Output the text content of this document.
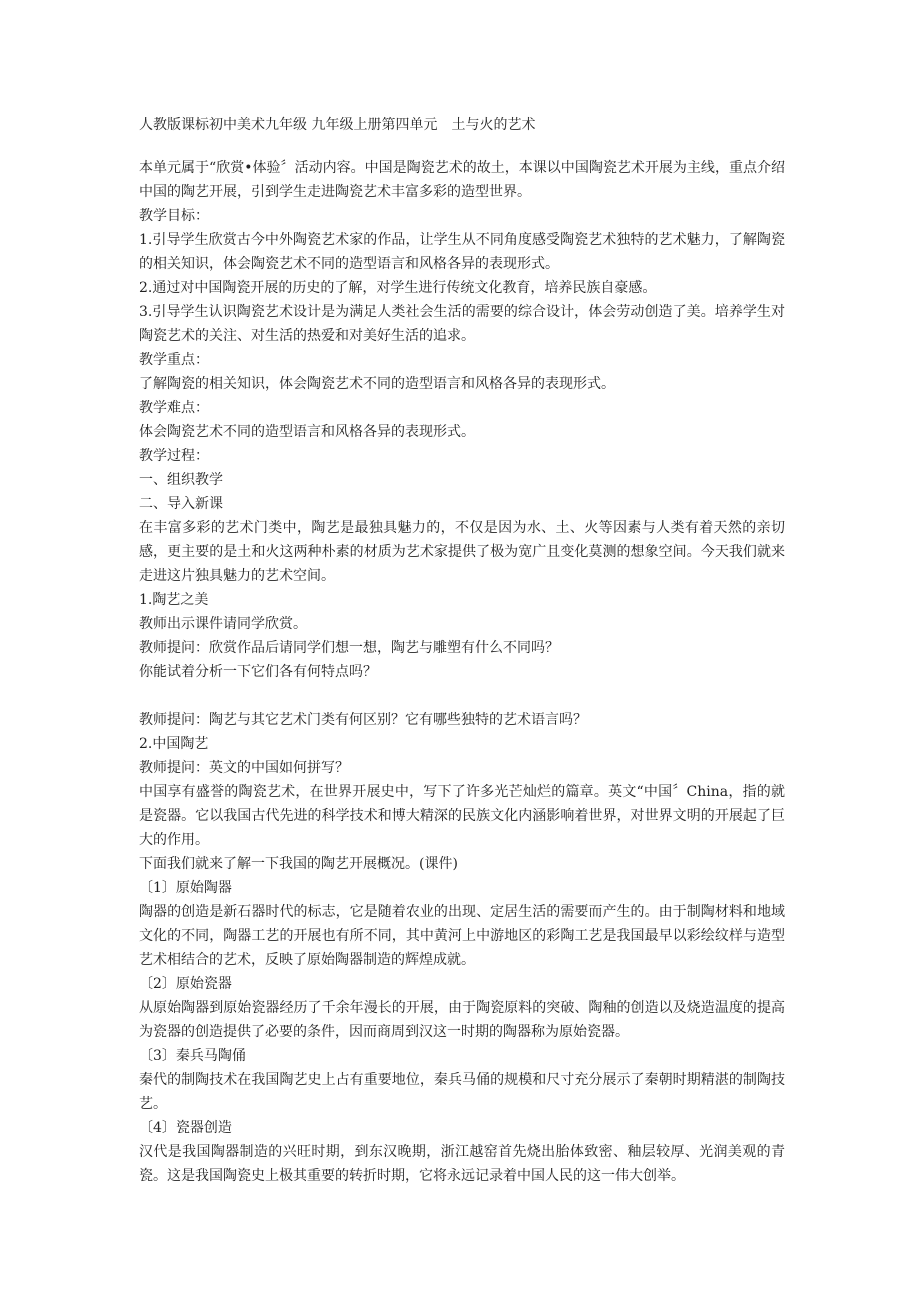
人教版课标初中美术九年级 九年级上册第四单元　土与火的艺术

本单元属于“欣赏•体验〞活动内容。中国是陶瓷艺术的故土，本课以中国陶瓷艺术开展为主线，重点介绍中国的陶艺开展，引到学生走进陶瓷艺术丰富多彩的造型世界。

教学目标：

1.引导学生欣赏古今中外陶瓷艺术家的作品，让学生从不同角度感受陶瓷艺术独特的艺术魅力，了解陶瓷的相关知识，体会陶瓷艺术不同的造型语言和风格各异的表现形式。

2.通过对中国陶瓷开展的历史的了解，对学生进行传统文化教育，培养民族自豪感。

3.引导学生认识陶瓷艺术设计是为满足人类社会生活的需要的综合设计，体会劳动创造了美。培养学生对陶瓷艺术的关注、对生活的热爱和对美好生活的追求。

教学重点：

了解陶瓷的相关知识，体会陶瓷艺术不同的造型语言和风格各异的表现形式。

教学难点：

体会陶瓷艺术不同的造型语言和风格各异的表现形式。

教学过程：

一、组织教学

二、导入新课

在丰富多彩的艺术门类中，陶艺是最独具魅力的，不仅是因为水、土、火等因素与人类有着天然的亲切感，更主要的是土和火这两种朴素的材质为艺术家提供了极为宽广且变化莫测的想象空间。今天我们就来走进这片独具魅力的艺术空间。

1.陶艺之美

教师出示课件请同学欣赏。

教师提问：欣赏作品后请同学们想一想，陶艺与雕塑有什么不同吗？

你能试着分析一下它们各有何特点吗？

教师提问：陶艺与其它艺术门类有何区别？它有哪些独特的艺术语言吗？

2.中国陶艺

教师提问：英文的中国如何拼写？

中国享有盛誉的陶瓷艺术，在世界开展史中，写下了许多光芒灿烂的篇章。英文“中国〞China，指的就是瓷器。它以我国古代先进的科学技术和博大精深的民族文化内涵影响着世界，对世界文明的开展起了巨大的作用。

下面我们就来了解一下我国的陶艺开展概况。(课件)

〔1〕原始陶器

陶器的创造是新石器时代的标志，它是随着农业的出现、定居生活的需要而产生的。由于制陶材料和地域文化的不同，陶器工艺的开展也有所不同，其中黄河上中游地区的彩陶工艺是我国最早以彩绘纹样与造型艺术相结合的艺术，反映了原始陶器制造的辉煌成就。

〔2〕原始瓷器

从原始陶器到原始瓷器经历了千余年漫长的开展，由于陶瓷原料的突破、陶釉的创造以及烧造温度的提高为瓷器的创造提供了必要的条件，因而商周到汉这一时期的陶器称为原始瓷器。

〔3〕秦兵马陶俑

秦代的制陶技术在我国陶艺史上占有重要地位，秦兵马俑的规模和尺寸充分展示了秦朝时期精湛的制陶技艺。

〔4〕瓷器创造

汉代是我国陶器制造的兴旺时期，到东汉晚期，浙江越窑首先烧出胎体致密、釉层较厚、光润美观的青瓷。这是我国陶瓷史上极其重要的转折时期，它将永远记录着中国人民的这一伟大创举。
